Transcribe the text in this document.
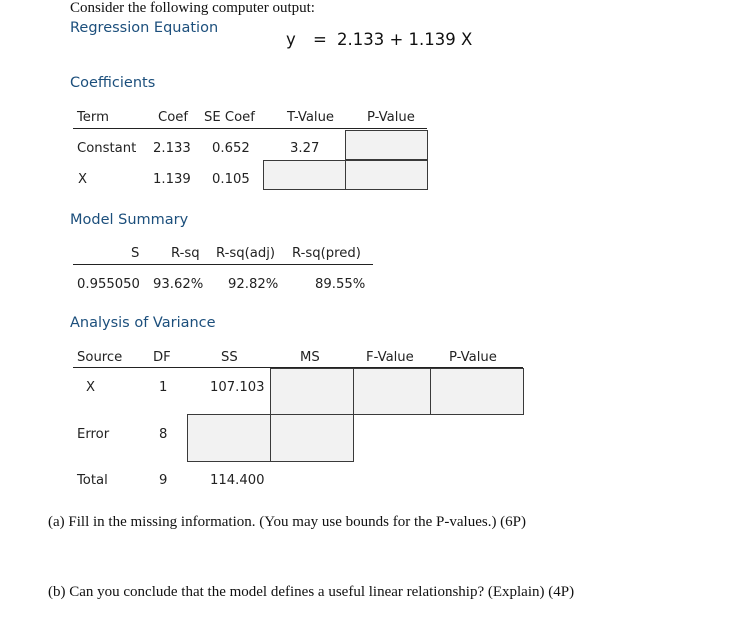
Consider the following computer output:
Regression Equation
y = 2.133 + 1.139 X
Coefficients
Term	Coef SE Coef T-Value P-Value
Constant 2.133 0.652	3.27
X	1.139 0.105
Model Summary
S R-sq R-sq(adj) R-sq(pred)
0.955050 93.62% 92.82%	89.55%
Analysis of Variance
Source DF	SS	MS	F-Value	P-Value
X	1	107.103
Error	8
Total	9	114.400
(a) Fill in the missing information. (You may use bounds for the P-values.) (6P)
(b) Can you conclude that the model defines a useful linear relationship? (Explain) (4P)
